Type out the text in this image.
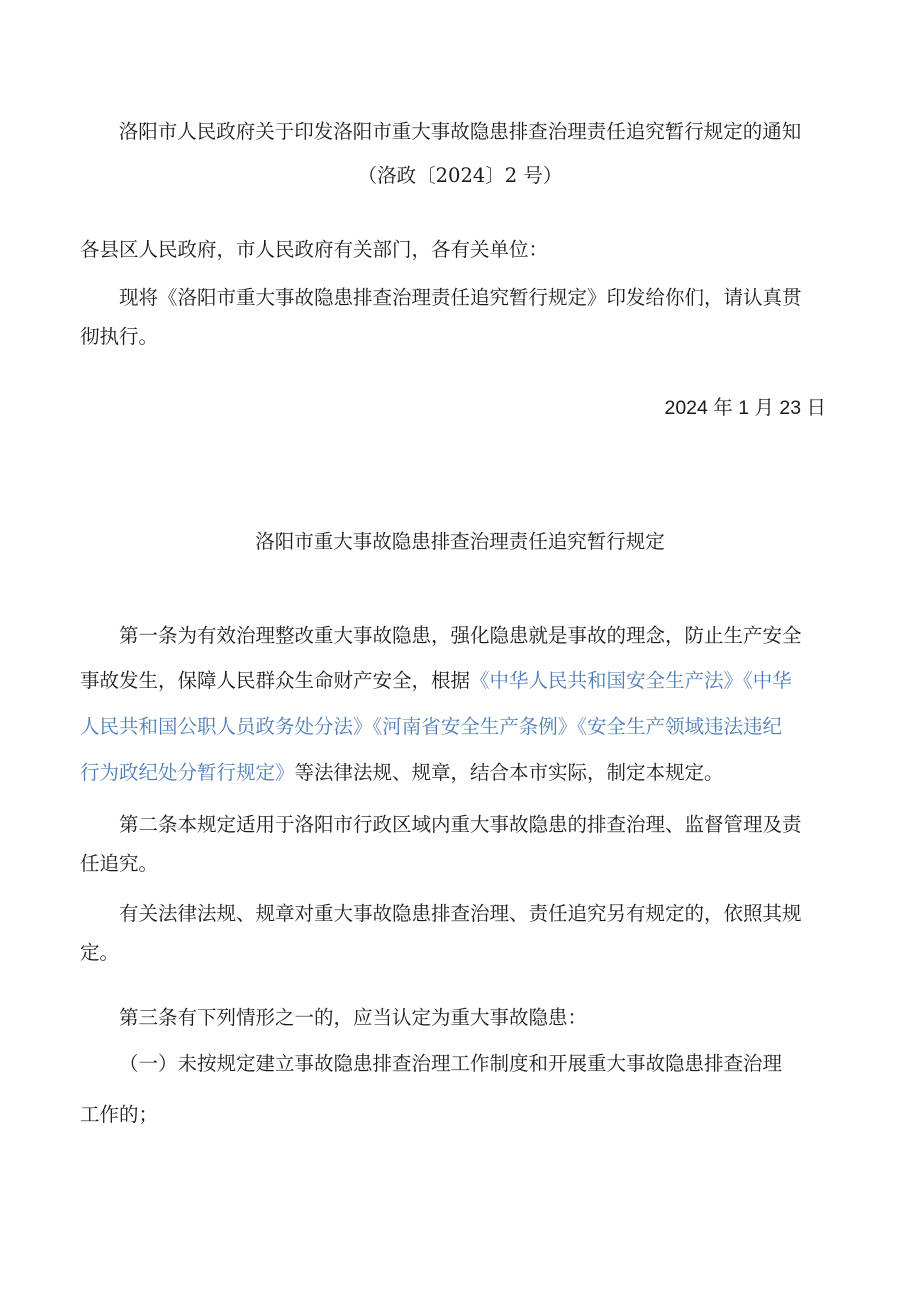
洛阳市人民政府关于印发洛阳市重大事故隐患排查治理责任追究暂行规定的通知
（洛政〔2024〕2 号）
各县区人民政府，市人民政府有关部门，各有关单位：
现将《洛阳市重大事故隐患排查治理责任追究暂行规定》印发给你们，请认真贯
彻执行。
2024 年 1 月 23 日
洛阳市重大事故隐患排查治理责任追究暂行规定
第一条为有效治理整改重大事故隐患，强化隐患就是事故的理念，防止生产安全
事故发生，保障人民群众生命财产安全，根据《中华人民共和国安全生产法》《中华
人民共和国公职人员政务处分法》《河南省安全生产条例》《安全生产领域违法违纪
行为政纪处分暂行规定》等法律法规、规章，结合本市实际，制定本规定。
第二条本规定适用于洛阳市行政区域内重大事故隐患的排查治理、监督管理及责
任追究。
有关法律法规、规章对重大事故隐患排查治理、责任追究另有规定的，依照其规
定。
第三条有下列情形之一的，应当认定为重大事故隐患：
（一）未按规定建立事故隐患排查治理工作制度和开展重大事故隐患排查治理
工作的；
